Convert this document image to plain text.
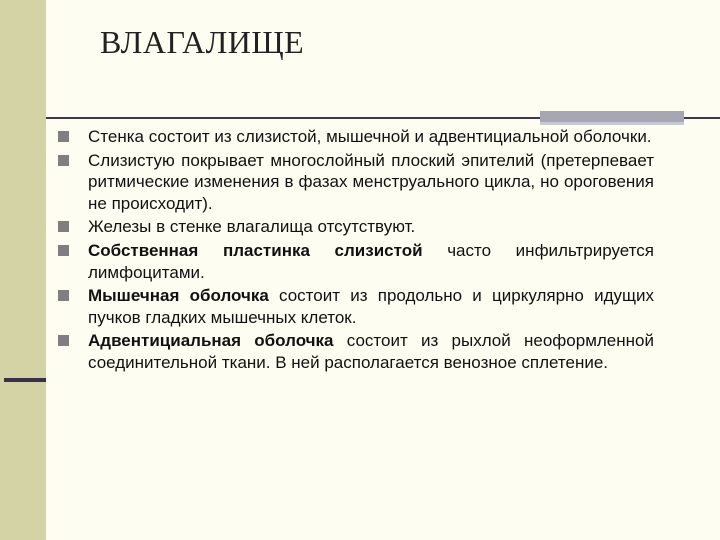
ВЛАГАЛИЩЕ
Стенка состоит из слизистой, мышечной и адвентициальной оболочки.
Слизистую покрывает многослойный плоский эпителий (претерпевает ритмические изменения в фазах менструального цикла, но ороговения не происходит).
Железы в стенке влагалища отсутствуют.
Собственная пластинка слизистой часто инфильтрируется лимфоцитами.
Мышечная оболочка состоит из продольно и циркулярно идущих пучков гладких мышечных клеток.
Адвентициальная оболочка состоит из рыхлой неоформленной соединительной ткани. В ней располагается венозное сплетение.
